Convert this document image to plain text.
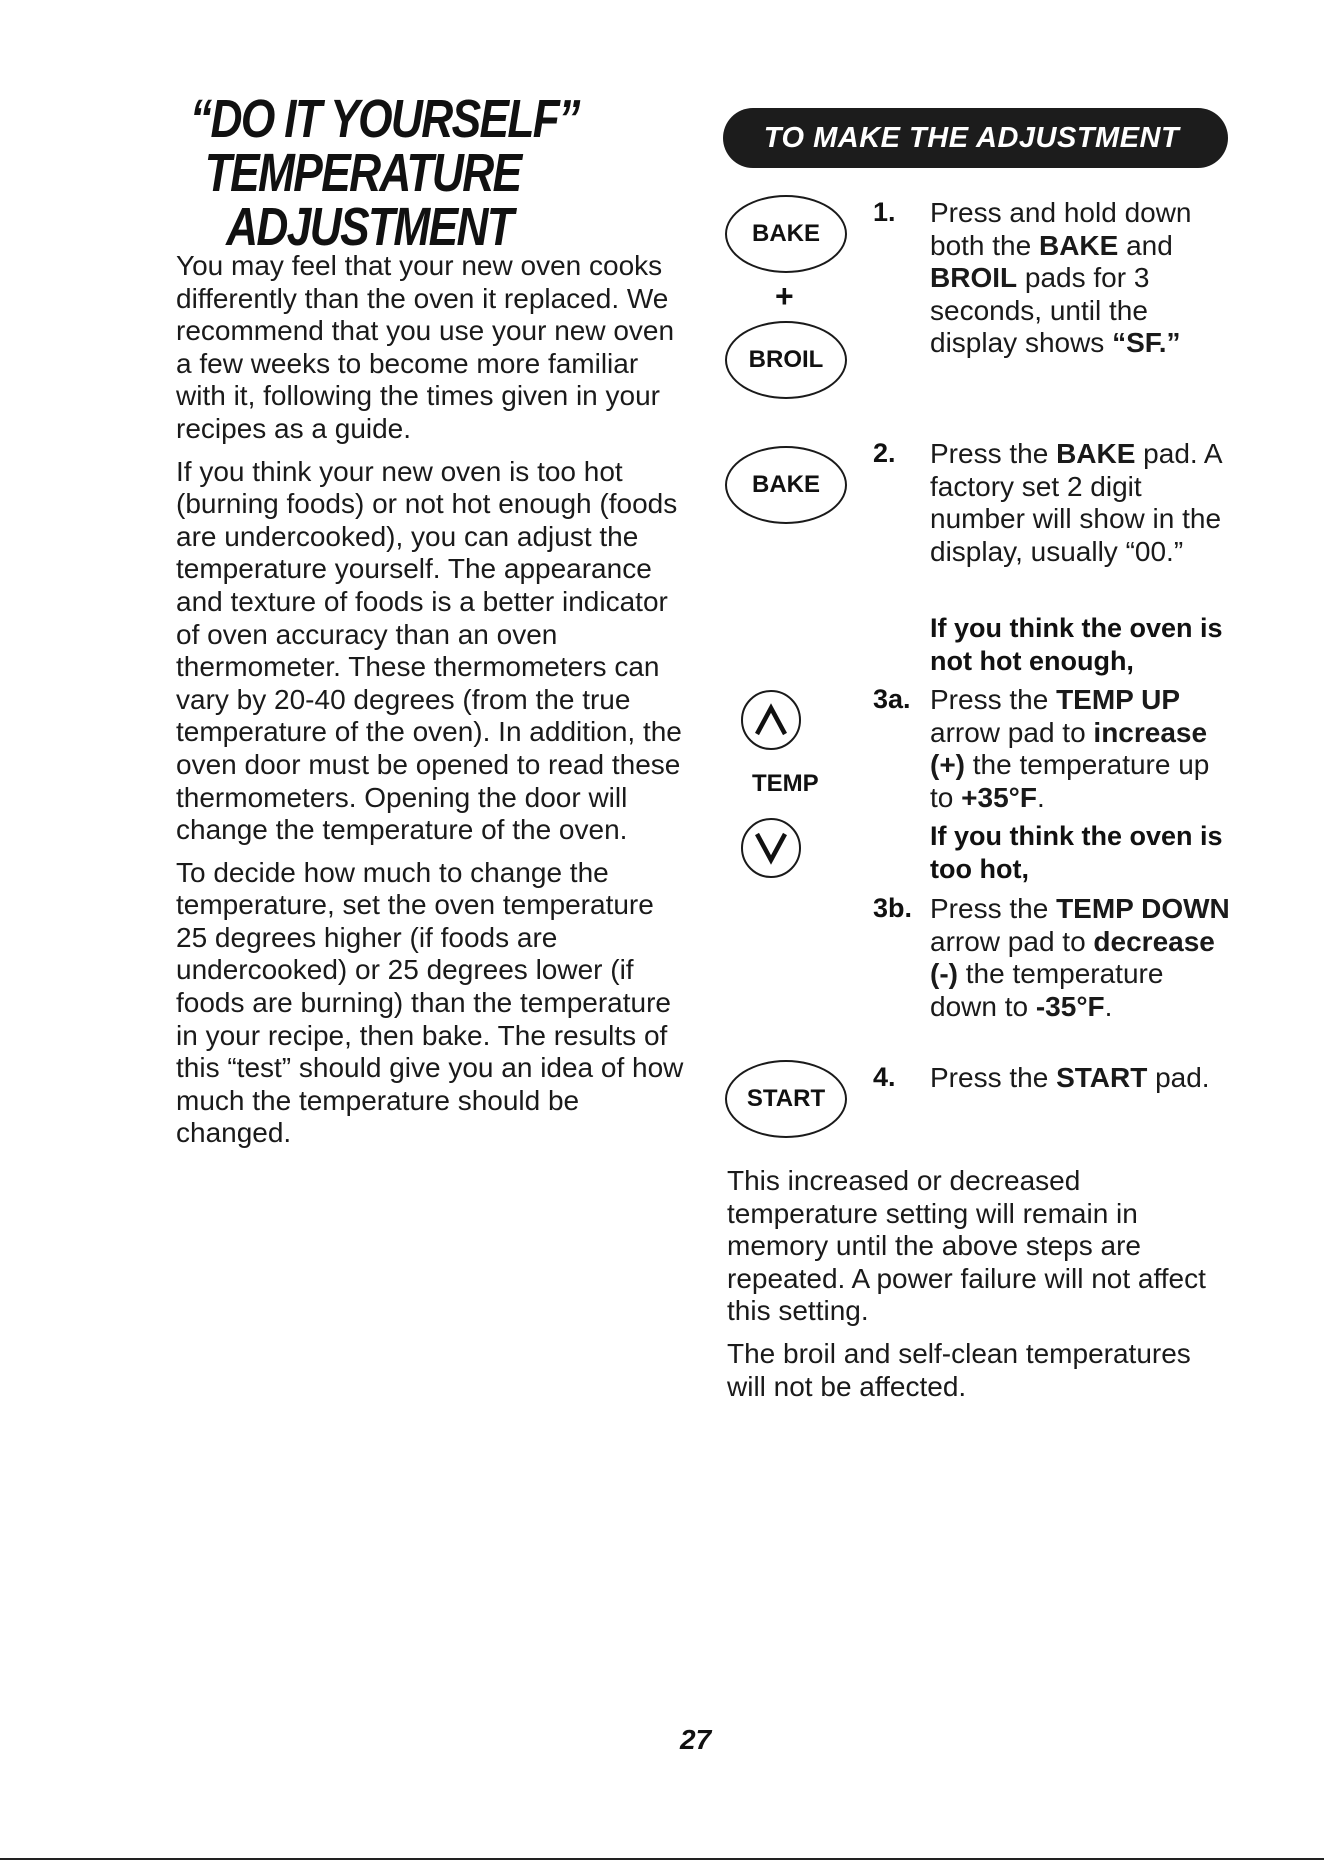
“DO IT YOURSELF”
TEMPERATURE
ADJUSTMENT

You may feel that your new oven cooks differently than the oven it replaced. We recommend that you use your new oven a few weeks to become more familiar with it, following the times given in your recipes as a guide.

If you think your new oven is too hot (burning foods) or not hot enough (foods are undercooked), you can adjust the temperature yourself. The appearance and texture of foods is a better indicator of oven accuracy than an oven thermometer. These thermometers can vary by 20-40 degrees (from the true temperature of the oven). In addition, the oven door must be opened to read these thermometers. Opening the door will change the temperature of the oven.

To decide how much to change the temperature, set the oven temperature 25 degrees higher (if foods are undercooked) or 25 degrees lower (if foods are burning) than the temperature in your recipe, then bake. The results of this “test” should give you an idea of how much the temperature should be changed.

TO MAKE THE ADJUSTMENT
BAKE
+
BROIL
1.	Press and hold down both the BAKE and BROIL pads for 3 seconds, until the display shows “SF.”
BAKE
2.	Press the BAKE pad. A factory set 2 digit number will show in the display, usually “00.”
If you think the oven is not hot enough,
TEMP
3a. Press the TEMP UP arrow pad to increase (+) the temperature up to +35°F.
If you think the oven is too hot,
3b. Press the TEMP DOWN arrow pad to decrease (-) the temperature down to -35°F.
START
4.	Press the START pad.

This increased or decreased temperature setting will remain in memory until the above steps are repeated. A power failure will not affect this setting.

The broil and self-clean temperatures will not be affected.

27
